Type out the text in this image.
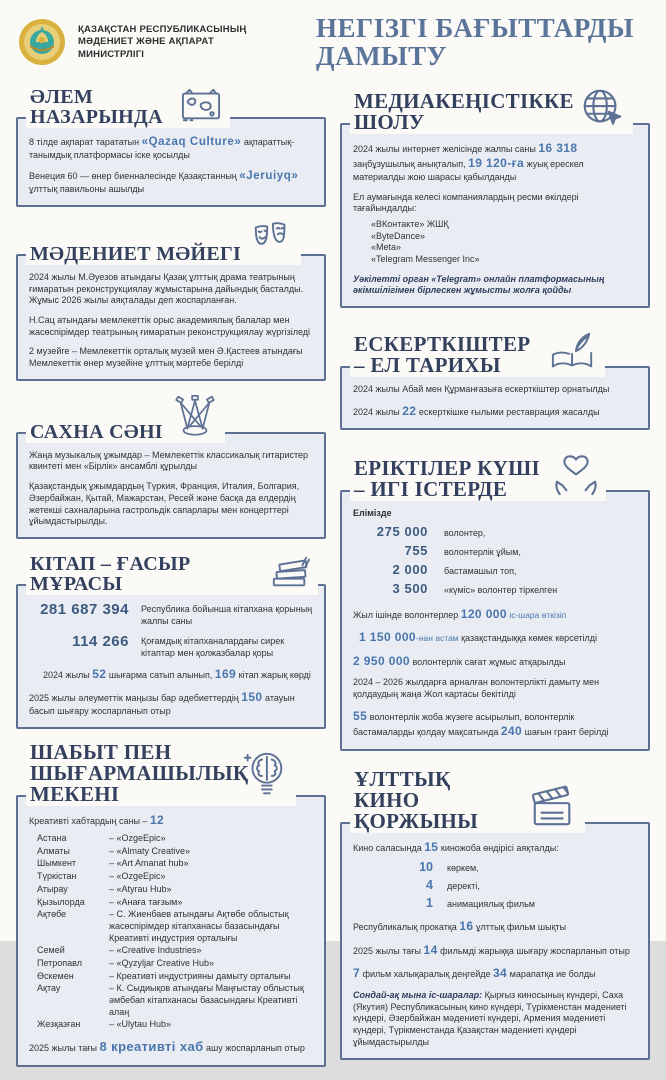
ҚАЗАҚСТАН РЕСПУБЛИКАСЫНЫҢ
МӘДЕНИЕТ ЖӘНЕ АҚПАРАТ МИНИСТРЛІГІ
НЕГІЗГІ БАҒЫТТАРДЫ ДАМЫТУ
ӘЛЕМ НАЗАРЫНДА

8 тілде ақпарат тарататын «Qazaq Culture» ақпараттық-танымдық платформасы іске қосылды

Венеция 60 — өнер биенналесінде Қазақстанның «Jeruiyq» ұлттық павильоны ашылды

МӘДЕНИЕТ МӘЙЕГІ

2024 жылы М.Әуезов атындағы Қазақ ұлттық драма театрының ғимаратын реконструкциялау жұмыстарына дайындық басталды. Жұмыс 2026 жылы аяқталады деп жоспарланған.

Н.Сац атындағы мемлекеттік орыс академиялық балалар мен жасөспірімдер театрының ғимаратын реконструкциялау жүргізіледі

2 музейге – Мемлекеттік орталық музей мен Ә.Қастеев атындағы Мемлекеттік өнер музейіне ұлттық мәртебе берілді

САХНА СӘНІ

Жаңа музыкалық ұжымдар – Мемлекеттік классикалық гитаристер квинтеті мен «Бірлік» ансамблі құрылды

Қазақстандық ұжымдардың Түркия, Франция, Италия, Болгария, Әзербайжан, Қытай, Мажарстан, Ресей және басқа да елдердің жетекші сахналарына гастрольдік сапарлары мен концерттері ұйымдастырылды.

КІТАП – ҒАСЫР МҰРАСЫ
281 687 394 Республика бойынша кітапхана қорының жалпы саны
114 266 Қоғамдық кітапханалардағы сирек кітаптар мен қолжазбалар қоры

2024 жылы 52 шығарма сатып алынып, 169 кітап жарық көрді

2025 жылы әлеуметтік маңызы бар әдебиеттердің 150 атауын басып шығару жоспарланып отыр

ШАБЫТ ПЕН ШЫҒАРМАШЫЛЫҚ МЕКЕНІ
Креативті хабтардың саны – 12
Астана	– «OzgeEpic»
Алматы	– «Almaty Creative»
Шымкент	– «Art Amanat hub»
Түркістан	– «OzgeEpic»
Атырау	– «Atyrau Hub»
Қызылорда	– «Анаға тағзым»
Ақтөбе	– С. Жиенбаев атындағы Ақтөбе облыстық жасөспірімдер кітапханасы базасындағы Креативті индустрия орталығы
Семей	– «Creative Industries»
Петропавл	– «Qyzyljar Creative Hub»
Өскемен	– Креативті индустрияны дамыту орталығы
Ақтау	– К. Сыдиықов атындағы Маңғыстау облыстық әмбебап кітапханасы базасындағы Креативті алаң
Жезқазған	– «Ulytau Hub»

2025 жылы тағы 8 креативті хаб ашу жоспарланып отыр

МЕДИАКЕҢІСТІККЕ ШОЛУ

2024 жылы интернет желісінде жалпы саны 16 318 заңбұзушылық анықталып, 19 120-ға жуық ерескел материалды жою шарасы қабылданды

Ел аумағында келесі компаниялардың ресми өкілдері тағайындалды:

«ВКонтакте» ЖШҚ
«ByteDance»
«Meta»
«Telegram Messenger Inc»

Уәкілетті орган «Telegram» онлайн платформасының әкімшілігімен бірлескен жұмысты жолға қойды

ЕСКЕРТКІШТЕР – ЕЛ ТАРИХЫ

2024 жылы Абай мен Құрманғазыға ескерткіштер орнатылды

2024 жылы 22 ескерткішке ғылыми реставрация жасалды

ЕРІКТІЛЕР КҮШІ – ИГІ ІСТЕРДЕ
Елімізде
275 000 волонтер,
755 волонтерлік ұйым,
2 000 бастамашыл топ,
3 500 «күміс» волонтер тіркелген

Жыл ішінде волонтерлер 120 000 іс-шара өткізіп

1 150 000-нан астам қазақстандыққа көмек көрсетілді

2 950 000 волонтерлік сағат жұмыс атқарылды

2024 – 2026 жылдарға арналған волонтерлікті дамыту мен қолдаудың жаңа Жол картасы бекітілді

55 волонтерлік жоба жүзеге асырылып, волонтерлік бастамаларды қолдау мақсатында 240 шағын грант берілді

ҰЛТТЫҚ КИНО ҚОРЖЫНЫ

Кино саласында 15 киножоба өндірісі аяқталды:

10 көркем,
4 деректі,
1 анимациялық фильм

Республикалық прокатқа 16 ұлттық фильм шықты

2025 жылы тағы 14 фильмді жарыққа шығару жоспарланып отыр

7 фильм халықаралық деңгейде 34 марапатқа ие болды

Сондай-ақ мына іс-шаралар: Қырғыз киносының күндері, Саха (Якутия) Республикасының кино күндері, Түрікменстан мәдениеті күндері, Әзербайжан мәдениеті күндері, Армения мәдениеті күндері, Түрікменстанда Қазақстан мәдениеті күндері ұйымдастырылды
